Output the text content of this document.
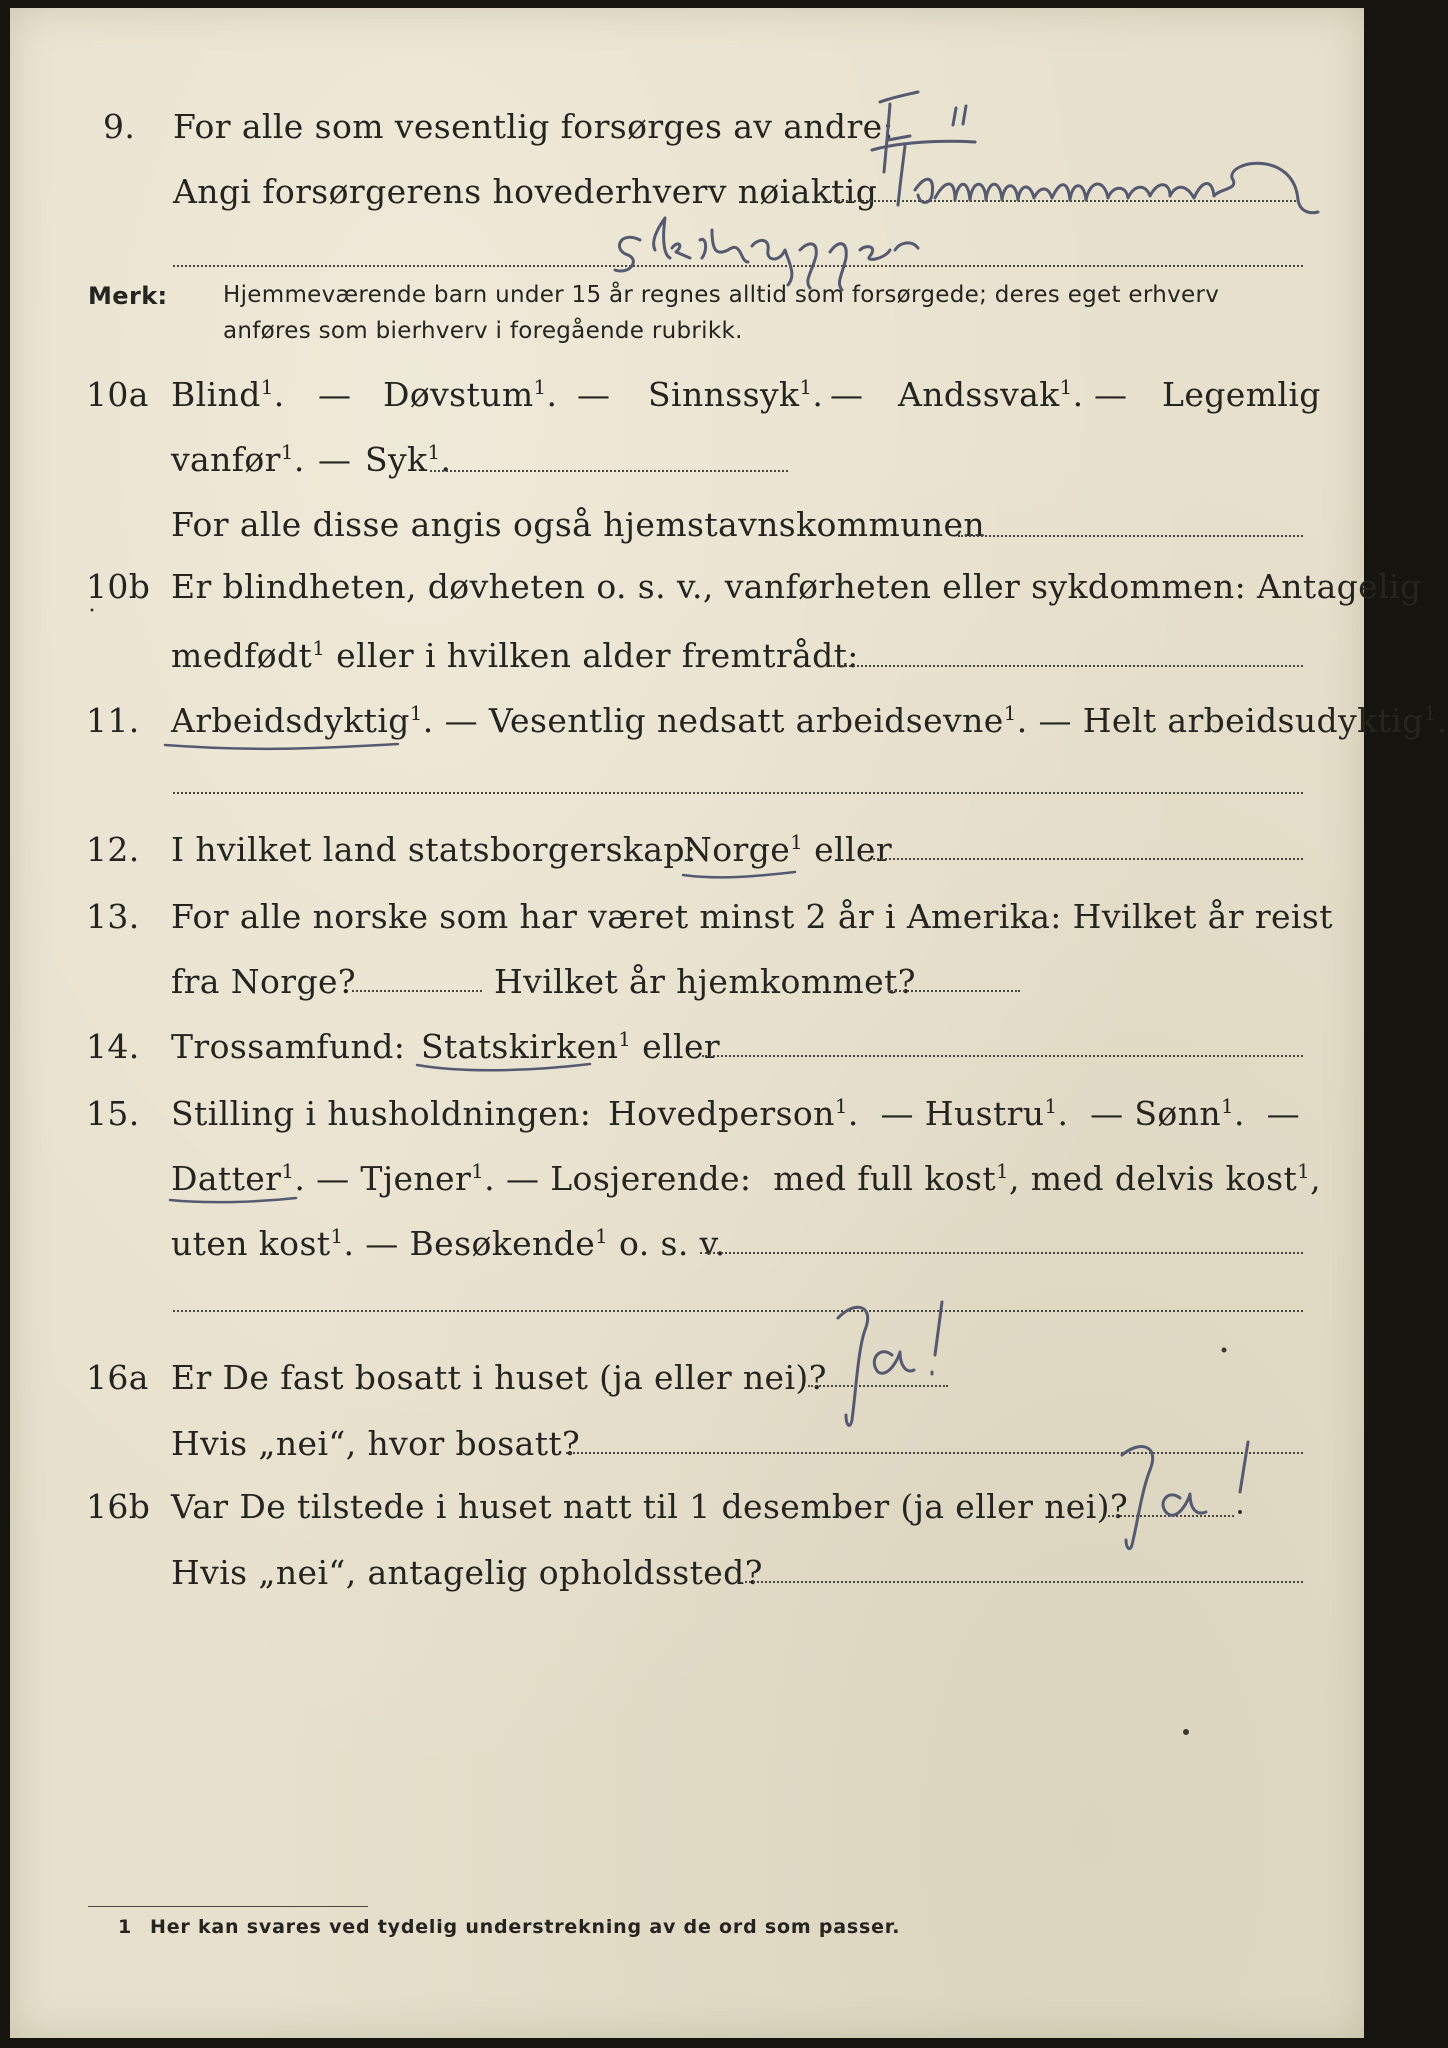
9. For alle som vesentlig forsørges av andre:
Angi forsørgerens hovederhverv nøiaktig
Merk: Hjemmeværende barn under 15 år regnes alltid som forsørgede; deres eget erhverv
anføres som bierhverv i foregående rubrikk.
10a Blind$^1$. — Døvstum$^1$. — Sinnssyk$^1$. — Andssvak$^1$. — Legemlig
vanfør$^1$. — Syk$^1$.
For alle disse angis også hjemstavnskommunen
10b Er blindheten, døvheten o. s. v., vanførheten eller sykdommen: Antagelig
medfødt$^1$ eller i hvilken alder fremtrådt:
11. Arbeidsdyktig$^1$. — Vesentlig nedsatt arbeidsevne$^1$. — Helt arbeidsudyktig$^1$.
12. I hvilket land statsborgerskap:
Norge$^1$ eller
13. For alle norske som har været minst 2 år i Amerika: Hvilket år reist
fra Norge?	Hvilket år hjemkommet?
14. Trossamfund: Statskirken$^1$ eller
15. Stilling i husholdningen: Hovedperson$^1$.  — Hustru$^1$.  — Sønn$^1$.  —
Datter$^1$. — Tjener$^1$. — Losjerende: med full kost$^1$, med delvis kost$^1$,
uten kost$^1$. — Besøkende$^1$ o. s. v.
16a Er De fast bosatt i huset (ja eller nei)?
Hvis „nei“, hvor bosatt?
16b Var De tilstede i huset natt til 1 desember (ja eller nei)?
Hvis „nei“, antagelig opholdssted?
1 Her kan svares ved tydelig understrekning av de ord som passer.
